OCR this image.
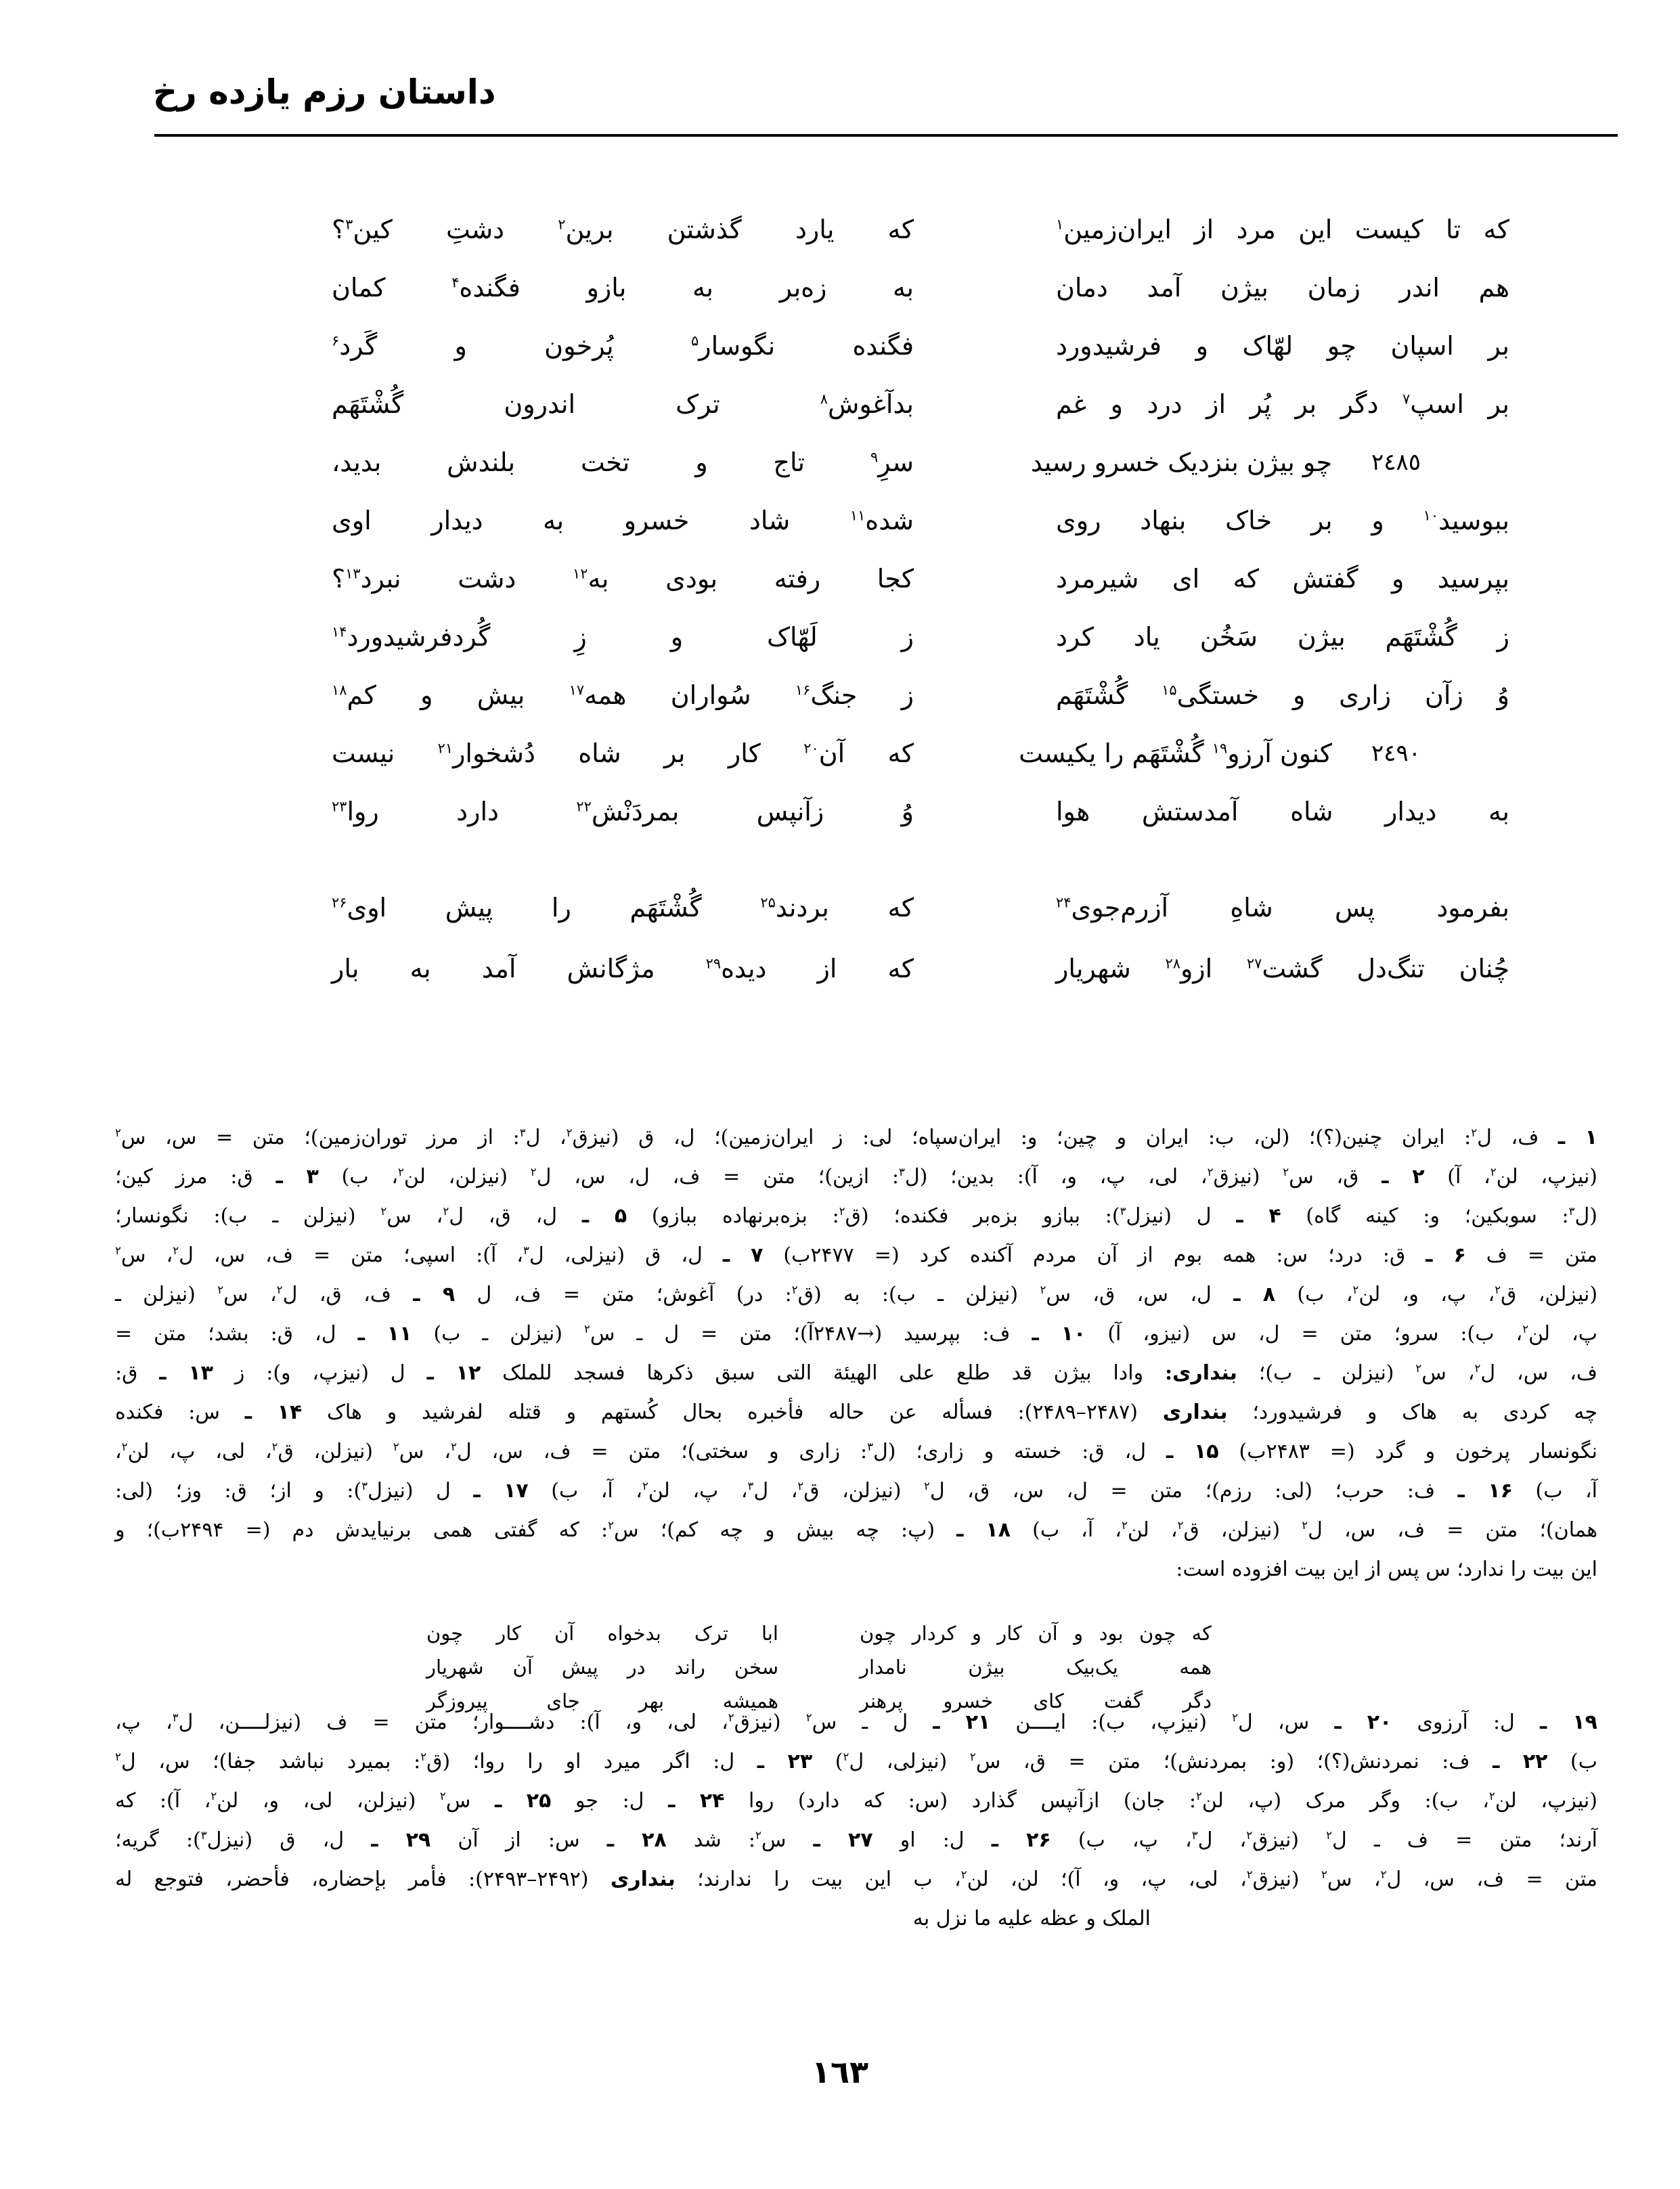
داستان رزم یازده رخ
که تا کیست این مرد از ایران‌زمین$^۱$
که یارد گذشتن برین$^۲$ دشتِ کین$^۳$؟
هم اندر زمان بیژن آمد دمان
به زه‌بر به بازو فگنده$^۴$ کمان
بر اسپان چو لهّاک و فرشیدورد
فگنده نگوسار$^۵$ پُرخون و گَرد$^۶$
بر اسپ$^۷$ دگر بر پُر از درد و غم
بدآغوش$^۸$ ترک اندرون گُشْتَهَم
٢٤٨٥
چو بیژن بنزدیک خسرو رسید
سرِ$^۹$ تاج و تخت بلندش بدید،
ببوسید$^{۱۰}$ و بر خاک بنهاد روی
شده$^{۱۱}$ شاد خسرو به دیدار اوی
بپرسید و گفتش که ای شیرمرد
کجا رفته بودی به$^{۱۲}$ دشت نبرد$^{۱۳}$؟
ز گُشْتَهَم بیژن سَخُن یاد کرد
ز لَهّاک و زِ گُردفرشیدورد$^{۱۴}$
وُ زآن زاری و خستگی$^{۱۵}$ گُشْتَهَم
ز جنگ$^{۱۶}$ سُواران همه$^{۱۷}$ بیش و کم$^{۱۸}$
٢٤٩٠
کنون آرزو$^{۱۹}$ گُشْتَهَم را یکیست
که آن$^{۲۰}$ کار بر شاه دُشخوار$^{۲۱}$ نیست
به دیدار شاه آمدستش هوا
وُ زآنپس بمردَنْش$^{۲۲}$ دارد روا$^{۲۳}$
بفرمود پس شاهِ آزرم‌جوی$^{۲۴}$
که بردند$^{۲۵}$ گُشْتَهَم را پیش اوی$^{۲۶}$
چُنان تنگ‌دل گشت$^{۲۷}$ ازو$^{۲۸}$ شهریار
که از دیده$^{۲۹}$ مژگانش آمد به بار
۱ ـ ف، ل$^۲$: ایران چنین(؟)؛ (لن، ب: ایران و چین؛ و: ایران‌سپاه؛ لی: ز ایران‌زمین)؛ ل، ق (نیزق$^۲$، ل$^۳$: از مرز توران‌زمین)؛ متن = س، س$^۲$
(نیزپ، لن$^۲$، آ) ۲ ـ ق، س$^۲$ (نیزق$^۲$، لی، پ، و، آ): بدین؛ (ل$^۳$: ازین)؛ متن = ف، ل، س، ل$^۲$ (نیزلن، لن$^۲$، ب) ۳ ـ ق: مرز کین؛
(ل$^۳$: سوبکین؛ و: کینه گاه) ۴ ـ ل (نیزل$^۳$): ببازو بزه‌بر فکنده؛ (ق$^۲$: بزه‌برنهاده ببازو) ۵ ـ ل، ق، ل$^۲$، س$^۲$ (نیزلن ـ ب): نگونسار؛
متن = ف ۶ ـ ق: درد؛ س: همه بوم از آن مردم آکنده کرد (= ۲۴۷۷ب) ۷ ـ ل، ق (نیزلی، ل$^۳$، آ): اسپی؛ متن = ف، س، ل$^۲$، س$^۲$
(نیزلن، ق$^۲$، پ، و، لن$^۲$، ب) ۸ ـ ل، س، ق، س$^۲$ (نیزلن ـ ب): به (ق$^۲$: در) آغوش؛ متن = ف، ل ۹ ـ ف، ق، ل$^۲$، س$^۲$ (نیزلن ـ
پ، لن$^۲$، ب): سرو؛ متن = ل، س (نیزو، آ) ۱۰ ـ ف: بپرسید (→۲۴۸۷آ)؛ متن = ل ـ س$^۲$ (نیزلن ـ ب) ۱۱ ـ ل، ق: بشد؛ متن =
ف، س، ل$^۲$، س$^۲$ (نیزلن ـ ب)؛ بنداری: وادا بیژن قد طلع علی الهیئة التی سبق ذکرها فسجد للملک ۱۲ ـ ل (نیزپ، و): ز ۱۳ ـ ق:
چه کردی به هاک و فرشیدورد؛ بنداری (۲۴۸۷–۲۴۸۹): فسأله عن حاله فأخبره بحال کُستهم و قتله لفرشید و هاک ۱۴ ـ س: فکنده
نگونسار پرخون و گرد (= ۲۴۸۳ب) ۱۵ ـ ل، ق: خسته و زاری؛ (ل$^۳$: زاری و سختی)؛ متن = ف، س، ل$^۲$، س$^۲$ (نیزلن، ق$^۲$، لی، پ، لن$^۲$،
آ، ب) ۱۶ ـ ف: حرب؛ (لی: رزم)؛ متن = ل، س، ق، ل$^۲$ (نیزلن، ق$^۲$، ل$^۳$، پ، لن$^۲$، آ، ب) ۱۷ ـ ل (نیزل$^۳$): و از؛ ق: وز؛ (لی:
همان)؛ متن = ف، س، ل$^۲$ (نیزلن، ق$^۲$، لن$^۲$، آ، ب) ۱۸ ـ (پ: چه بیش و چه کم)؛ س$^۲$: که گفتی همی برنیایدش دم (= ۲۴۹۴ب)؛ و
این بیت را ندارد؛ س پس از این بیت افزوده است:
که چون بود و آن کار و کردار چون
ابا ترک بدخواه آن کار چون
همه یک‌بیک بیژن نامدار
سخن راند در پیش آن شهریار
دگر گفت کای خسرو پرهنر
همیشه بهر جای پیروزگر
۱۹ ـ ل: آرزوی ۲۰ ـ س، ل$^۲$ (نیزپ، ب): ایــــن ۲۱ ـ ل ـ س$^۲$ (نیزق$^۲$، لی، و، آ): دشــــوار؛ متن = ف (نیزلــــن، ل$^۳$، پ،
ب) ۲۲ ـ ف: نمردنش(؟)؛ (و: بمردنش)؛ متن = ق، س$^۲$ (نیزلی، ل$^۲$) ۲۳ ـ ل: اگر میرد او را روا؛ (ق$^۲$: بمیرد نباشد جفا)؛ س، ل$^۲$
(نیزپ، لن$^۲$، ب): وگر مرک (پ، لن$^۲$: جان) ازآنپس گذارد (س: که دارد) روا ۲۴ ـ ل: جو ۲۵ ـ س$^۲$ (نیزلن، لی، و، لن$^۲$، آ): که
آرند؛ متن = ف ـ ل$^۲$ (نیزق$^۲$، ل$^۳$، پ، ب) ۲۶ ـ ل: او ۲۷ ـ س$^۲$: شد ۲۸ ـ س: از آن ۲۹ ـ ل، ق (نیزل$^۳$): گریه؛
متن = ف، س، ل$^۲$، س$^۲$ (نیزق$^۲$، لی، پ، و، آ)؛ لن، لن$^۲$، ب این بیت را ندارند؛ بنداری (۲۴۹۲–۲۴۹۳): فأمر بإحضاره، فأحضر، فتوجع له
الملک و عظه علیه ما نزل به
١٦٣
